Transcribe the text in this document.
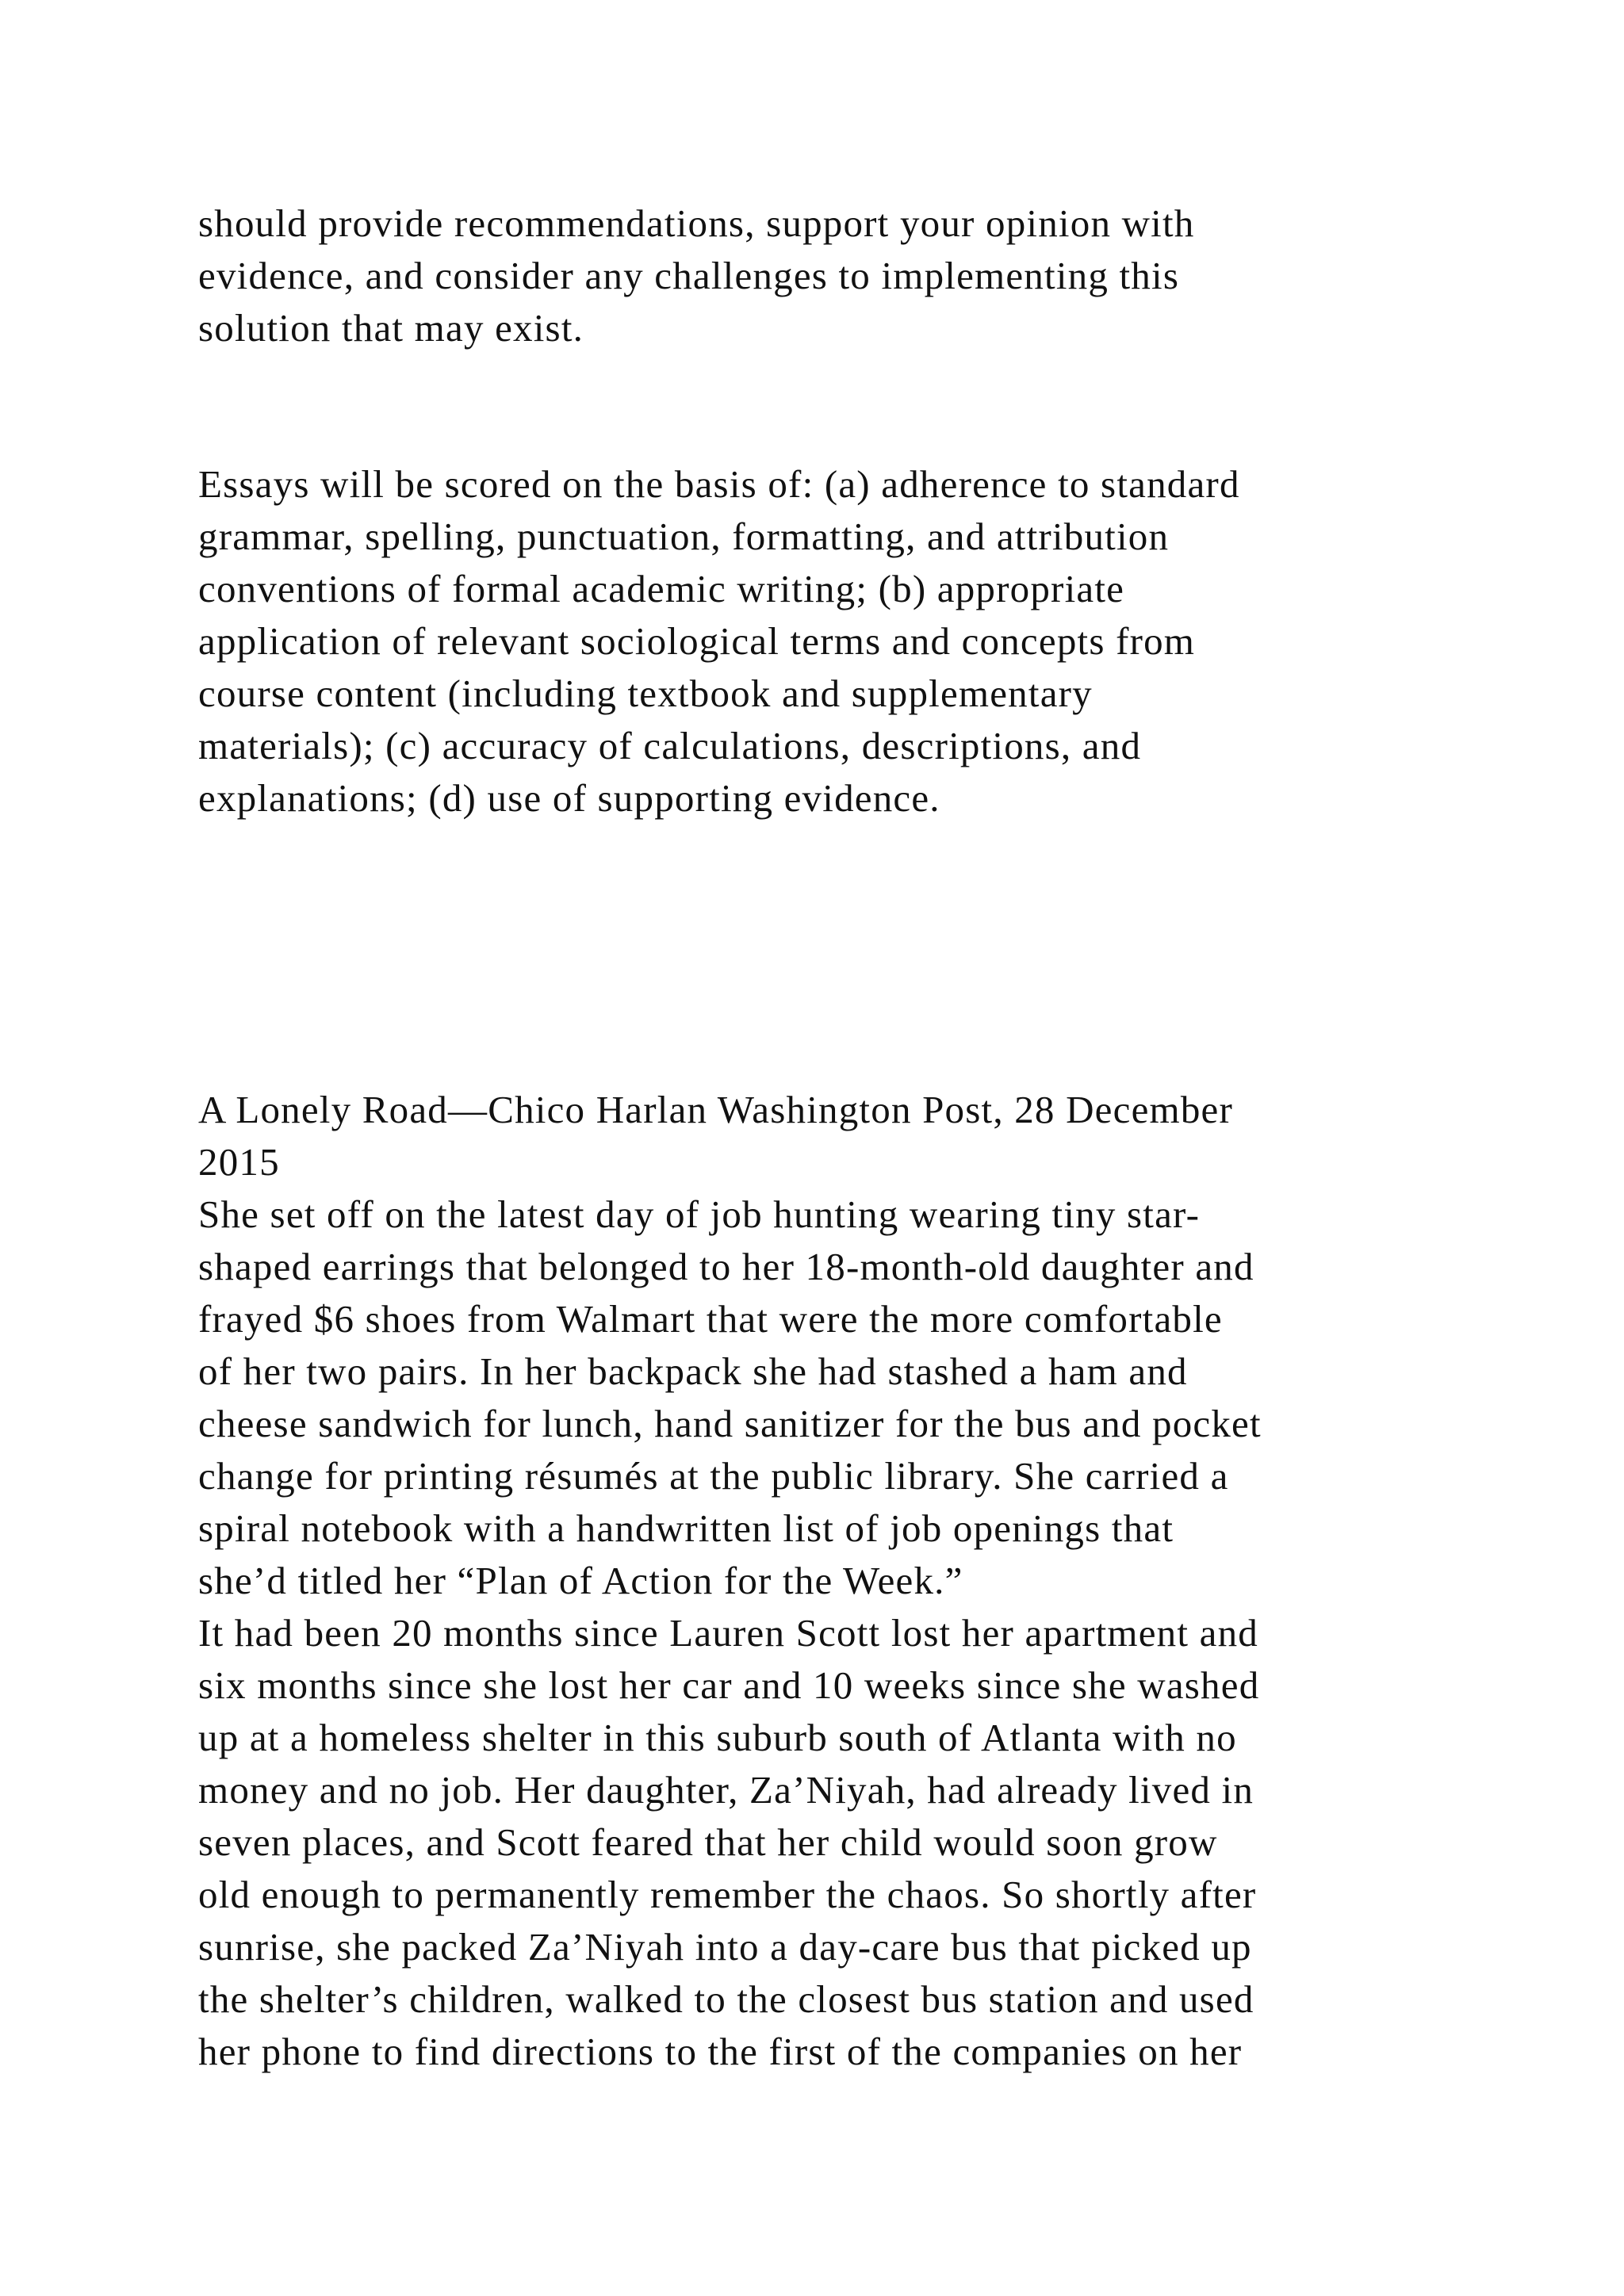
should provide recommendations, support your opinion with

evidence, and consider any challenges to implementing this

solution that may exist.

Essays will be scored on the basis of: (a) adherence to standard

grammar, spelling, punctuation, formatting, and attribution

conventions of formal academic writing; (b) appropriate

application of relevant sociological terms and concepts from

course content (including textbook and supplementary

materials); (c) accuracy of calculations, descriptions, and

explanations; (d) use of supporting evidence.

A Lonely Road—Chico Harlan Washington Post, 28 December

2015

She set off on the latest day of job hunting wearing tiny star-

shaped earrings that belonged to her 18-month-old daughter and

frayed $6 shoes from Walmart that were the more comfortable

of her two pairs. In her backpack she had stashed a ham and

cheese sandwich for lunch, hand sanitizer for the bus and pocket

change for printing résumés at the public library. She carried a

spiral notebook with a handwritten list of job openings that

she’d titled her “Plan of Action for the Week.”

It had been 20 months since Lauren Scott lost her apartment and

six months since she lost her car and 10 weeks since she washed

up at a homeless shelter in this suburb south of Atlanta with no

money and no job. Her daughter, Za’Niyah, had already lived in

seven places, and Scott feared that her child would soon grow

old enough to permanently remember the chaos. So shortly after

sunrise, she packed Za’Niyah into a day-care bus that picked up

the shelter’s children, walked to the closest bus station and used

her phone to find directions to the first of the companies on her
